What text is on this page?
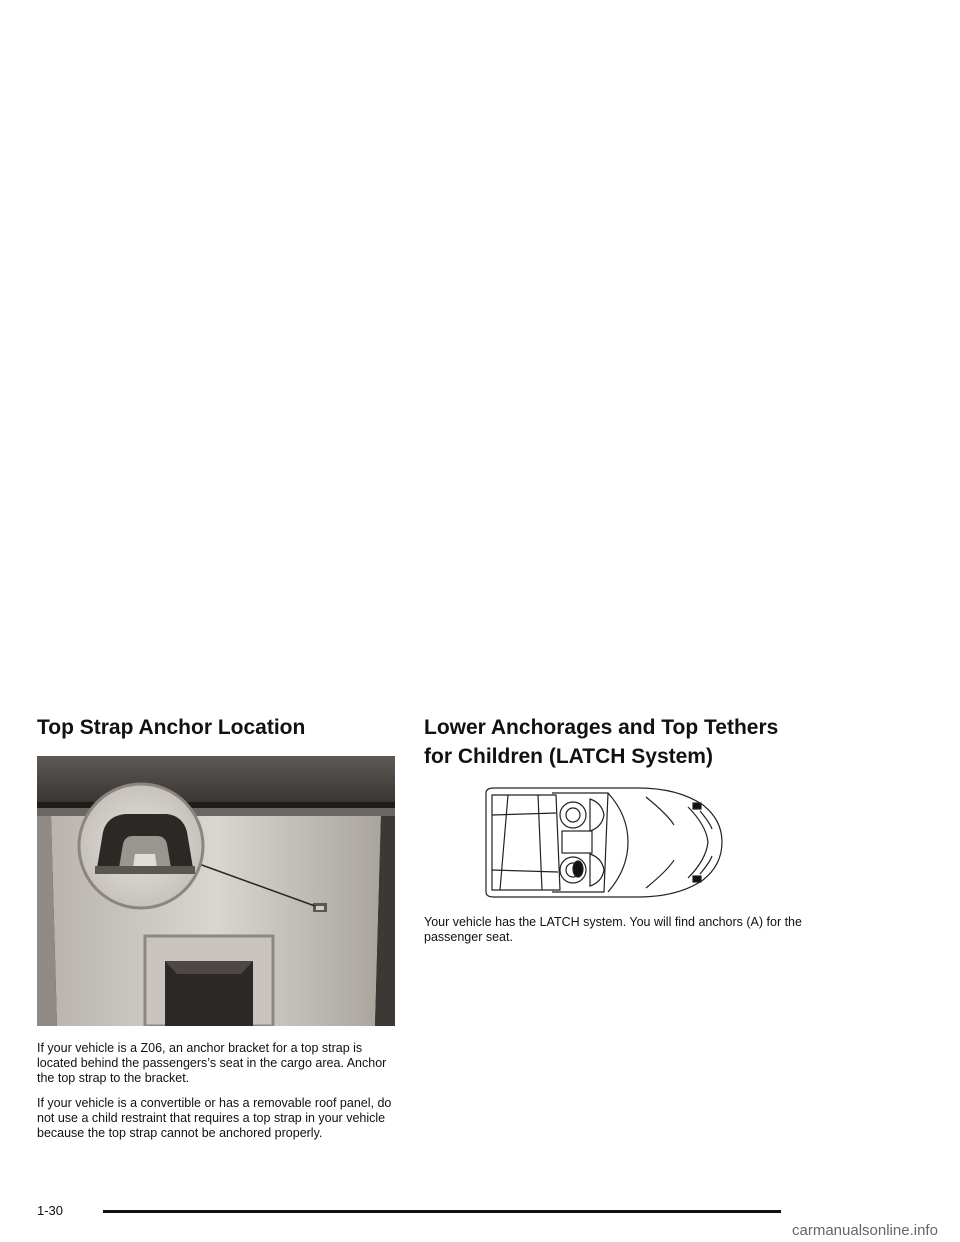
Top Strap Anchor Location

If your vehicle is a Z06, an anchor bracket for a top strap is located behind the passengers’s seat in the cargo area. Anchor the top strap to the bracket.

If your vehicle is a convertible or has a removable roof panel, do not use a child restraint that requires a top strap in your vehicle because the top strap cannot be anchored properly.

Lower Anchorages and Top Tethers for Children (LATCH System)

Your vehicle has the LATCH system. You will find anchors (A) for the passenger seat.

1-30
carmanualsonline.info
